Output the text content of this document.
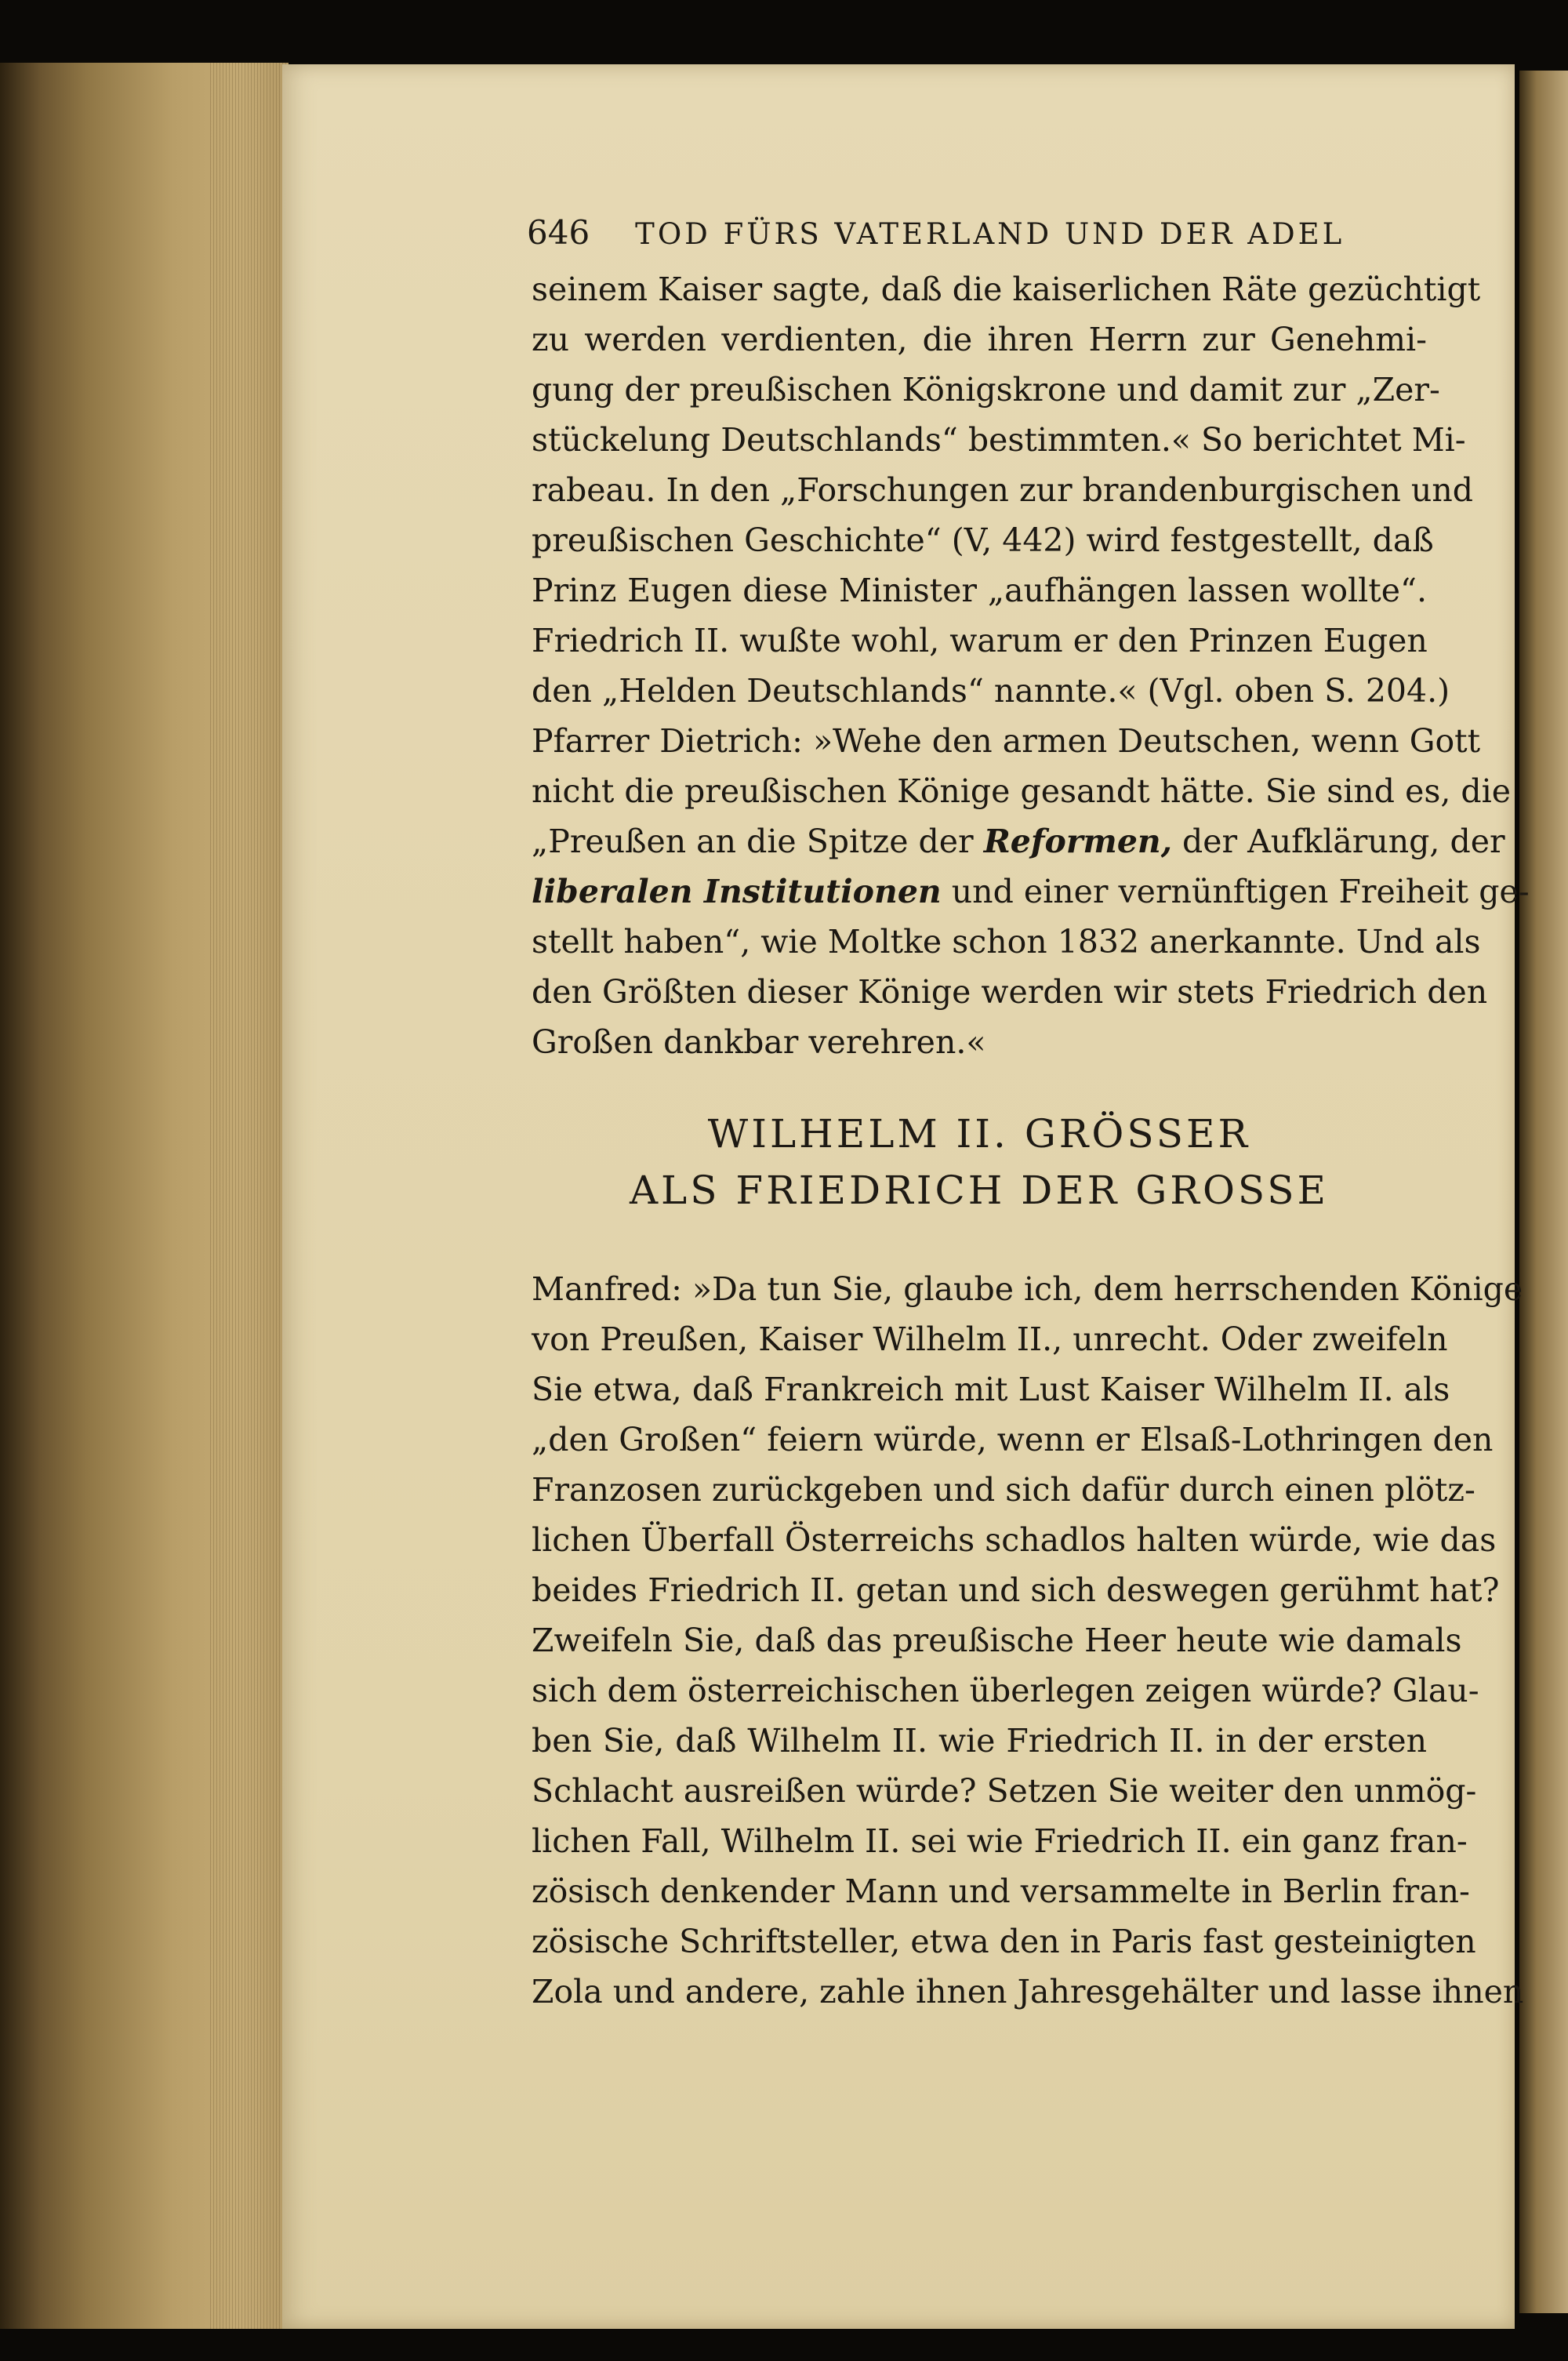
646 TOD FÜRS VATERLAND UND DER ADEL
seinem Kaiser sagte, daß die kaiserlichen Räte gezüchtigt
zu werden verdienten, die ihren Herrn zur Genehmi-
gung der preußischen Königskrone und damit zur „Zer-
stückelung Deutschlands“ bestimmten.« So berichtet Mi-
rabeau. In den „Forschungen zur brandenburgischen und
preußischen Geschichte“ (V, 442) wird festgestellt, daß
Prinz Eugen diese Minister „aufhängen lassen wollte“.
Friedrich II. wußte wohl, warum er den Prinzen Eugen
den „Helden Deutschlands“ nannte.« (Vgl. oben S. 204.)
Pfarrer Dietrich: »Wehe den armen Deutschen, wenn Gott
nicht die preußischen Könige gesandt hätte. Sie sind es, die
„Preußen an die Spitze der Reformen, der Aufklärung, der
liberalen Institutionen und einer vernünftigen Freiheit ge-
stellt haben“, wie Moltke schon 1832 anerkannte. Und als
den Größten dieser Könige werden wir stets Friedrich den
Großen dankbar verehren.«
WILHELM II. GRÖSSER
ALS FRIEDRICH DER GROSSE
Manfred: »Da tun Sie, glaube ich, dem herrschenden Könige
von Preußen, Kaiser Wilhelm II., unrecht. Oder zweifeln
Sie etwa, daß Frankreich mit Lust Kaiser Wilhelm II. als
„den Großen“ feiern würde, wenn er Elsaß-Lothringen den
Franzosen zurückgeben und sich dafür durch einen plötz-
lichen Überfall Österreichs schadlos halten würde, wie das
beides Friedrich II. getan und sich deswegen gerühmt hat?
Zweifeln Sie, daß das preußische Heer heute wie damals
sich dem österreichischen überlegen zeigen würde? Glau-
ben Sie, daß Wilhelm II. wie Friedrich II. in der ersten
Schlacht ausreißen würde? Setzen Sie weiter den unmög-
lichen Fall, Wilhelm II. sei wie Friedrich II. ein ganz fran-
zösisch denkender Mann und versammelte in Berlin fran-
zösische Schriftsteller, etwa den in Paris fast gesteinigten
Zola und andere, zahle ihnen Jahresgehälter und lasse ihnen
